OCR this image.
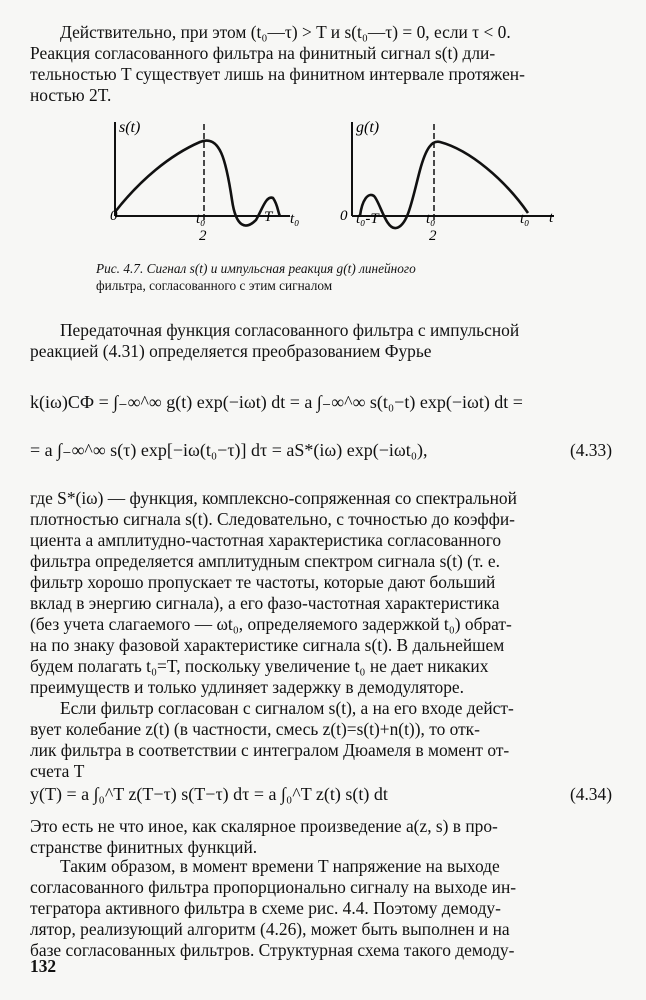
Действительно, при этом (t₀—τ) > T и s(t₀—τ) = 0, если τ < 0.
Реакция согласованного фильтра на финитный сигнал s(t) дли-
тельностью T существует лишь на финитном интервале протяжен-
ностью 2T.
s(t)
0	t₀
2
T t₀
g(t)
0 t₀-T	t₀
2
t₀ t
Рис. 4.7. Сигнал s(t) и импульсная реакция g(t) линейного
фильтра, согласованного с этим сигналом
Передаточная функция согласованного фильтра с импульсной
реакцией (4.31) определяется преобразованием Фурье
k(iω)СФ = ∫₋∞^∞ g(t) exp(−iωt) dt = a ∫₋∞^∞ s(t₀−t) exp(−iωt) dt =
= a ∫₋∞^∞ s(τ) exp[−iω(t₀−τ)] dτ = aS*(iω) exp(−iωt₀),	(4.33)
где S*(iω) — функция, комплексно-сопряженная со спектральной
плотностью сигнала s(t). Следовательно, с точностью до коэффи-
циента a амплитудно-частотная характеристика согласованного
фильтра определяется амплитудным спектром сигнала s(t) (т. е.
фильтр хорошо пропускает те частоты, которые дают больший
вклад в энергию сигнала), а его фазо-частотная характеристика
(без учета слагаемого — ωt₀, определяемого задержкой t₀) обрат-
на по знаку фазовой характеристике сигнала s(t). В дальнейшем
будем полагать t₀=T, поскольку увеличение t₀ не дает никаких
преимуществ и только удлиняет задержку в демодуляторе.
Если фильтр согласован с сигналом s(t), а на его входе дейст-
вует колебание z(t) (в частности, смесь z(t)=s(t)+n(t)), то отк-
лик фильтра в соответствии с интегралом Дюамеля в момент от-
счета T
y(T) = a ∫₀^T z(T−τ) s(T−τ) dτ = a ∫₀^T z(t) s(t) dt	(4.34)
Это есть не что иное, как скалярное произведение a(z, s) в про-
странстве финитных функций.
Таким образом, в момент времени T напряжение на выходе
согласованного фильтра пропорционально сигналу на выходе ин-
тегратора активного фильтра в схеме рис. 4.4. Поэтому демоду-
лятор, реализующий алгоритм (4.26), может быть выполнен и на
базе согласованных фильтров. Структурная схема такого демоду-
132
